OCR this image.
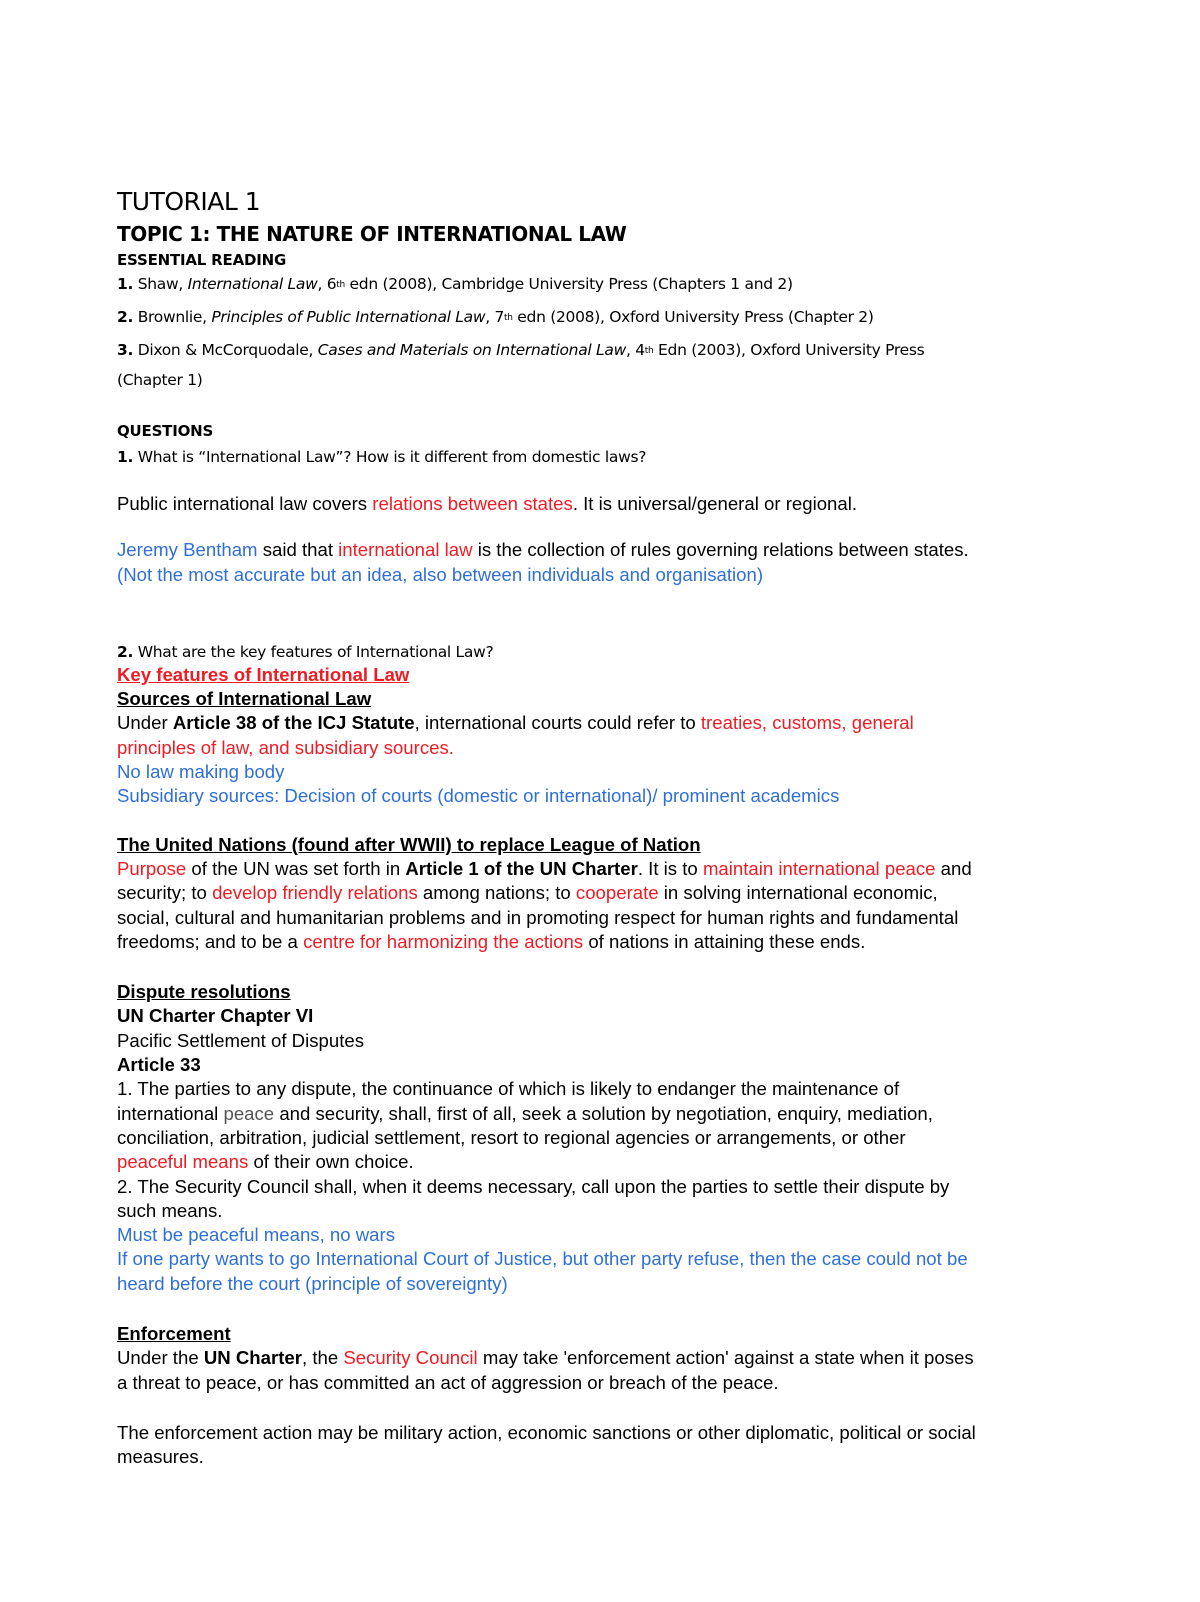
TUTORIAL 1
TOPIC 1: THE NATURE OF INTERNATIONAL LAW
ESSENTIAL READING
1. Shaw, International Law, 6th edn (2008), Cambridge University Press (Chapters 1 and 2)
2. Brownlie, Principles of Public International Law, 7th edn (2008), Oxford University Press (Chapter 2)
3. Dixon & McCorquodale, Cases and Materials on International Law, 4th Edn (2003), Oxford University Press
(Chapter 1)
QUESTIONS
1. What is “International Law”? How is it different from domestic laws?
Public international law covers relations between states. It is universal/general or regional.
Jeremy Bentham said that international law is the collection of rules governing relations between states.
(Not the most accurate but an idea, also between individuals and organisation)
2. What are the key features of International Law?
Key features of International Law
Sources of International Law
Under Article 38 of the ICJ Statute, international courts could refer to treaties, customs, general
principles of law, and subsidiary sources.
No law making body
Subsidiary sources: Decision of courts (domestic or international)/ prominent academics
The United Nations (found after WWII) to replace League of Nation
Purpose of the UN was set forth in Article 1 of the UN Charter. It is to maintain international peace and
security; to develop friendly relations among nations; to cooperate in solving international economic,
social, cultural and humanitarian problems and in promoting respect for human rights and fundamental
freedoms; and to be a centre for harmonizing the actions of nations in attaining these ends.
Dispute resolutions
UN Charter Chapter VI
Pacific Settlement of Disputes
Article 33
1. The parties to any dispute, the continuance of which is likely to endanger the maintenance of
international peace and security, shall, first of all, seek a solution by negotiation, enquiry, mediation,
conciliation, arbitration, judicial settlement, resort to regional agencies or arrangements, or other
peaceful means of their own choice.
2. The Security Council shall, when it deems necessary, call upon the parties to settle their dispute by
such means.
Must be peaceful means, no wars
If one party wants to go International Court of Justice, but other party refuse, then the case could not be
heard before the court (principle of sovereignty)
Enforcement
Under the UN Charter, the Security Council may take 'enforcement action' against a state when it poses
a threat to peace, or has committed an act of aggression or breach of the peace.
The enforcement action may be military action, economic sanctions or other diplomatic, political or social
measures.
